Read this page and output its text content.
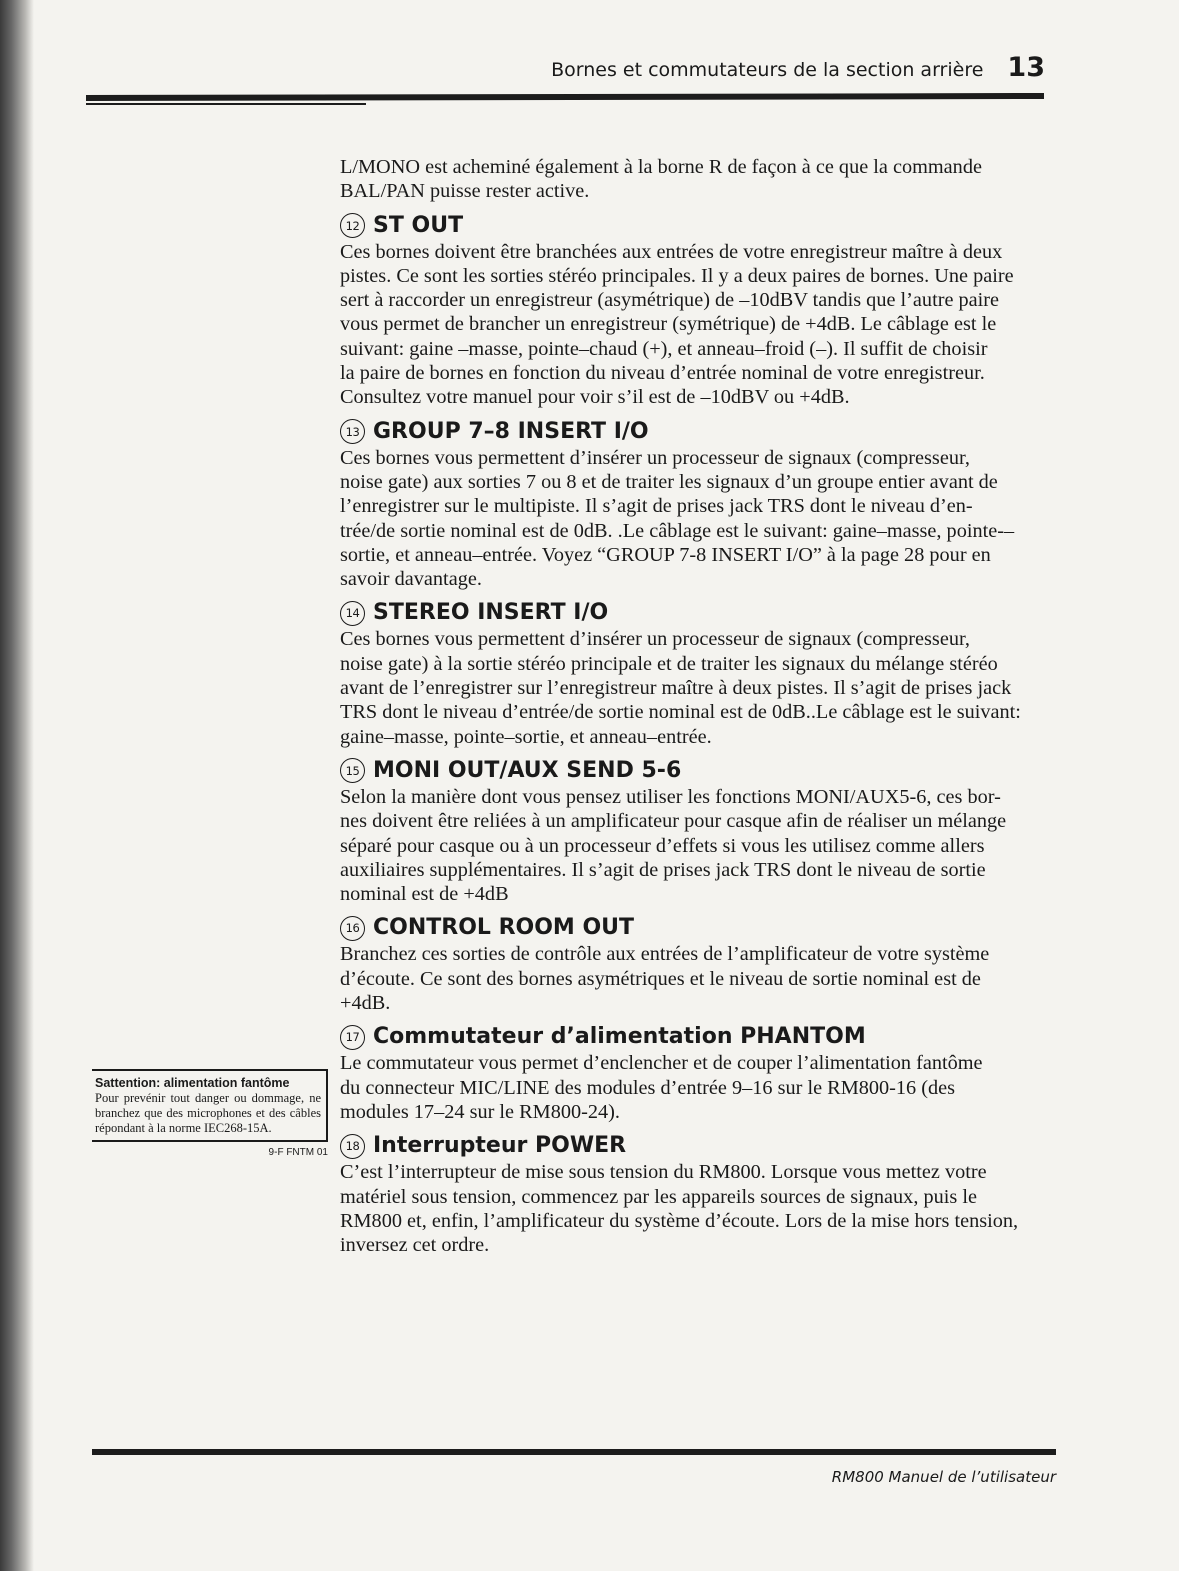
Bornes et commutateurs de la section arrière 13

L/MONO est acheminé également à la borne R de façon à ce que la commande

BAL/PAN puisse rester active.

12 ST OUT

Ces bornes doivent être branchées aux entrées de votre enregistreur maître à deux

pistes. Ce sont les sorties stéréo principales. Il y a deux paires de bornes. Une paire

sert à raccorder un enregistreur (asymétrique) de –10dBV tandis que l’autre paire

vous permet de brancher un enregistreur (symétrique) de +4dB. Le câblage est le

suivant: gaine –masse, pointe–chaud (+), et anneau–froid (–). Il suffit de choisir

la paire de bornes en fonction du niveau d’entrée nominal de votre enregistreur.

Consultez votre manuel pour voir s’il est de –10dBV ou +4dB.

13 GROUP 7–8 INSERT I/O

Ces bornes vous permettent d’insérer un processeur de signaux (compresseur,

noise gate) aux sorties 7 ou 8 et de traiter les signaux d’un groupe entier avant de

l’enregistrer sur le multipiste. Il s’agit de prises jack TRS dont le niveau d’en-

trée/de sortie nominal est de 0dB. .Le câblage est le suivant: gaine–masse, pointe-–

sortie, et anneau–entrée. Voyez “GROUP 7-8 INSERT I/O” à la page 28 pour en

savoir davantage.

14 STEREO INSERT I/O

Ces bornes vous permettent d’insérer un processeur de signaux (compresseur,

noise gate) à la sortie stéréo principale et de traiter les signaux du mélange stéréo

avant de l’enregistrer sur l’enregistreur maître à deux pistes. Il s’agit de prises jack

TRS dont le niveau d’entrée/de sortie nominal est de 0dB..Le câblage est le suivant:

gaine–masse, pointe–sortie, et anneau–entrée.

15 MONI OUT/AUX SEND 5-6

Selon la manière dont vous pensez utiliser les fonctions MONI/AUX5-6, ces bor-

nes doivent être reliées à un amplificateur pour casque afin de réaliser un mélange

séparé pour casque ou à un processeur d’effets si vous les utilisez comme allers

auxiliaires supplémentaires. Il s’agit de prises jack TRS dont le niveau de sortie

nominal est de +4dB

16 CONTROL ROOM OUT

Branchez ces sorties de contrôle aux entrées de l’amplificateur de votre système

d’écoute. Ce sont des bornes asymétriques et le niveau de sortie nominal est de

+4dB.

17 Commutateur d’alimentation PHANTOM

Le commutateur vous permet d’enclencher et de couper l’alimentation fantôme

du connecteur MIC/LINE des modules d’entrée 9–16 sur le RM800-16 (des

modules 17–24 sur le RM800-24).

18 Interrupteur POWER

C’est l’interrupteur de mise sous tension du RM800. Lorsque vous mettez votre

matériel sous tension, commencez par les appareils sources de signaux, puis le

RM800 et, enfin, l’amplificateur du système d’écoute. Lors de la mise hors tension,

inversez cet ordre.

Sattention: alimentation fantôme

Pour prevénir tout danger ou dommage, ne branchez que des microphones et des câbles répondant à la norme IEC268-15A.

9-F FNTM 01
RM800 Manuel de l’utilisateur
